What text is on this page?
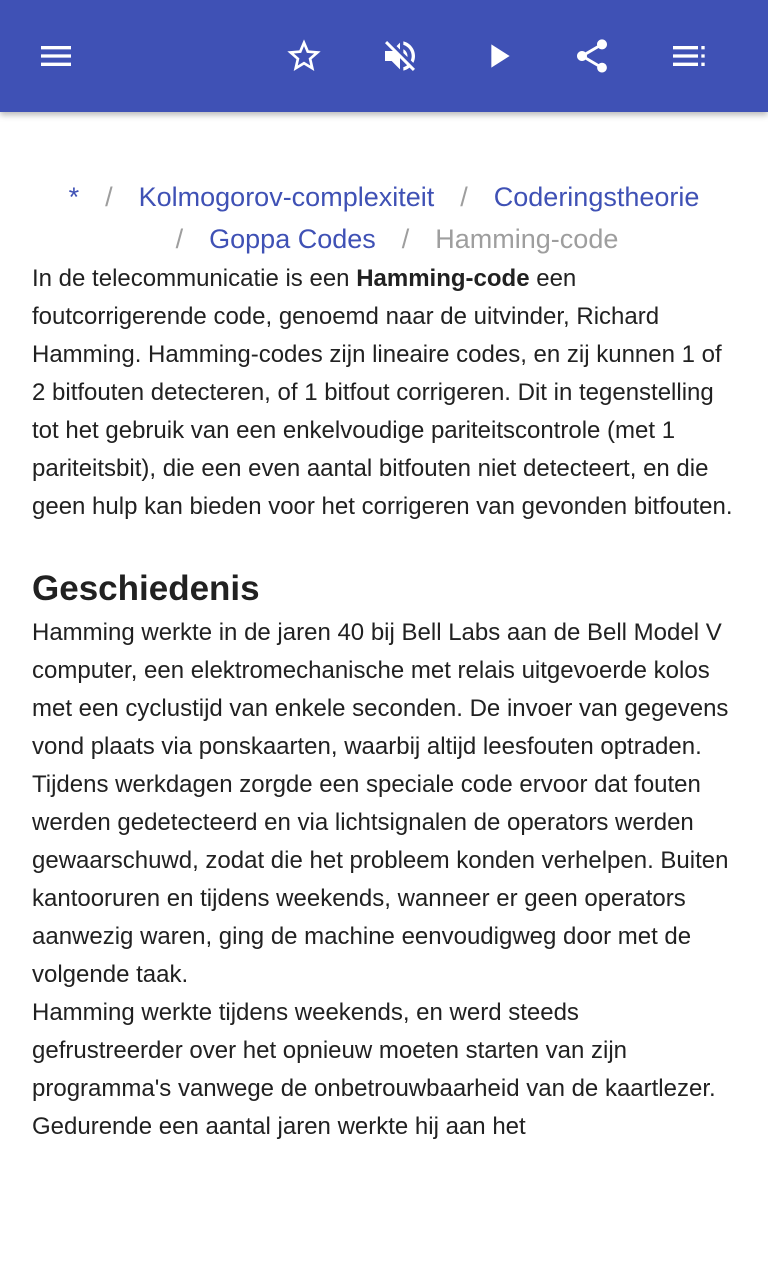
* / Kolmogorov-complexiteit / Coderingstheorie
/ Goppa Codes / Hamming-code

In de telecommunicatie is een Hamming-code een foutcorrigerende code, genoemd naar de uitvinder, Richard Hamming. Hamming-codes zijn lineaire codes, en zij kunnen 1 of 2 bitfouten detecteren, of 1 bitfout corrigeren. Dit in tegenstelling tot het gebruik van een enkelvoudige pariteitscontrole (met 1 pariteitsbit), die een even aantal bitfouten niet detecteert, en die geen hulp kan bieden voor het corrigeren van gevonden bitfouten.

Geschiedenis

Hamming werkte in de jaren 40 bij Bell Labs aan de Bell Model V computer, een elektromechanische met relais uitgevoerde kolos met een cyclustijd van enkele seconden. De invoer van gegevens vond plaats via ponskaarten, waarbij altijd leesfouten optraden. Tijdens werkdagen zorgde een speciale code ervoor dat fouten werden gedetecteerd en via lichtsignalen de operators werden gewaarschuwd, zodat die het probleem konden verhelpen. Buiten kantooruren en tijdens weekends, wanneer er geen operators aanwezig waren, ging de machine eenvoudigweg door met de volgende taak.

Hamming werkte tijdens weekends, en werd steeds gefrustreerder over het opnieuw moeten starten van zijn programma's vanwege de onbetrouwbaarheid van de kaartlezer. Gedurende een aantal jaren werkte hij aan het
